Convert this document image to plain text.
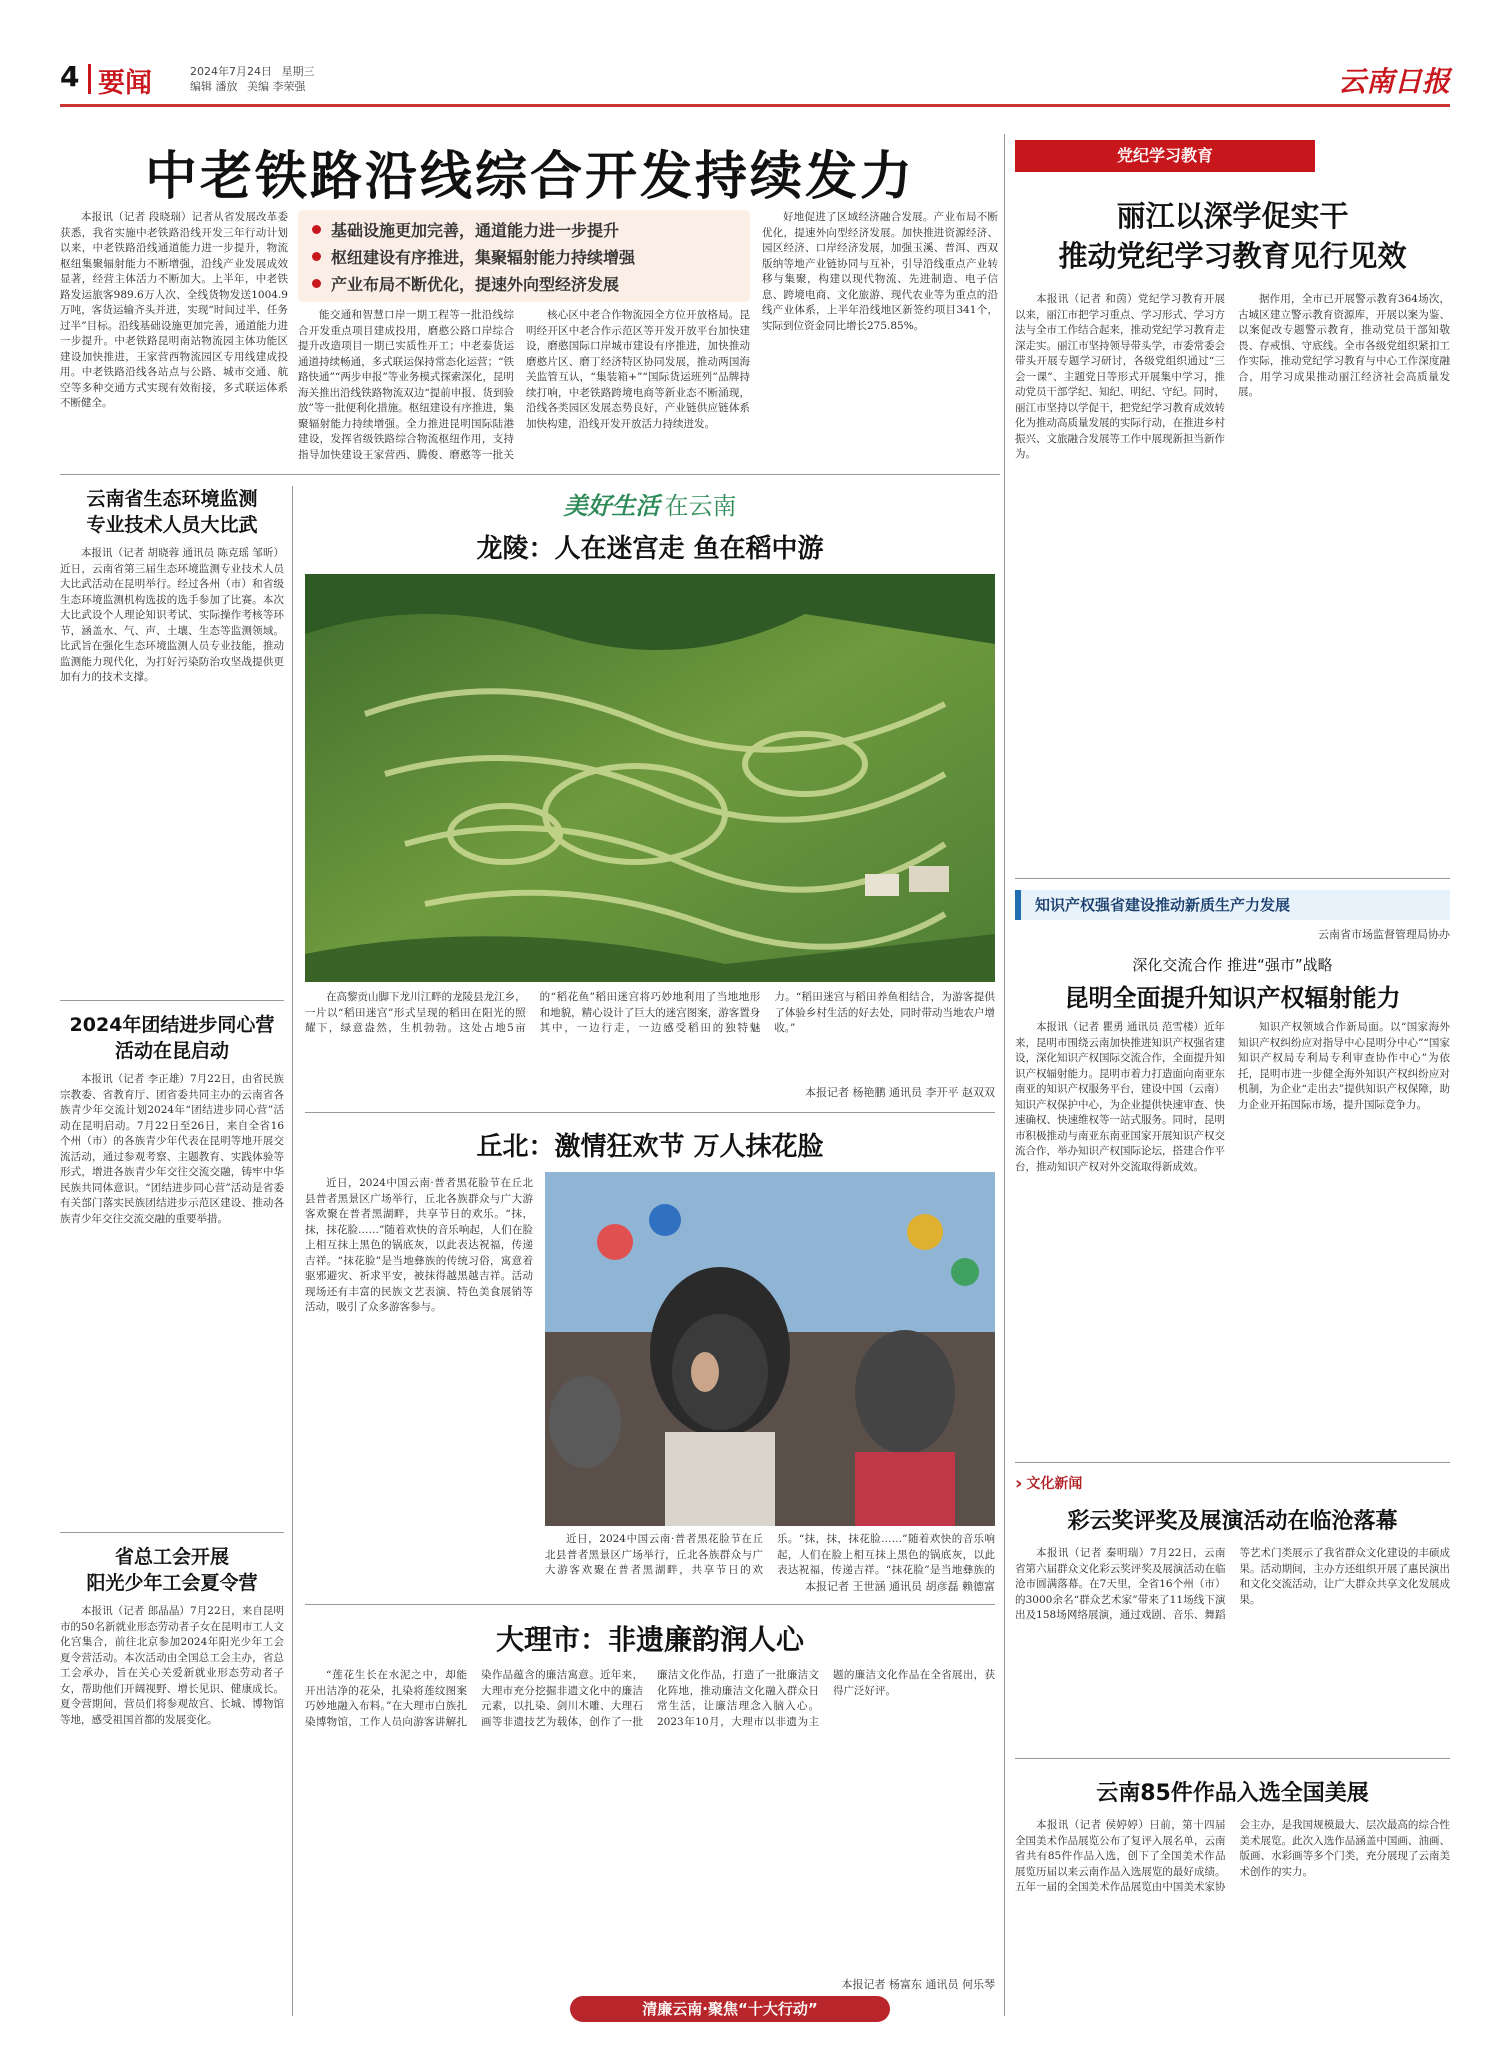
4 要闻	2024年7月24日 星期三
编辑 潘放 美编 李荣强	云南日报
中老铁路沿线综合开发持续发力

本报讯（记者 段晓瑞）记者从省发展改革委获悉，我省实施中老铁路沿线开发三年行动计划以来，中老铁路沿线通道能力进一步提升，物流枢纽集聚辐射能力不断增强，沿线产业发展成效显著，经营主体活力不断加大。上半年，中老铁路发运旅客989.6万人次、全线货物发送1004.9万吨，客货运输齐头并进，实现“时间过半、任务过半”目标。沿线基础设施更加完善，通道能力进一步提升。中老铁路昆明南站物流园主体功能区建设加快推进，王家营西物流园区专用线建成投用。中老铁路沿线各站点与公路、城市交通、航空等多种交通方式实现有效衔接，多式联运体系不断健全。

基础设施更加完善，通道能力进一步提升
枢纽建设有序推进，集聚辐射能力持续增强
产业布局不断优化，提速外向型经济发展

能交通和智慧口岸一期工程等一批沿线综合开发重点项目建成投用，磨憨公路口岸综合提升改造项目一期已实质性开工；中老泰货运通道持续畅通，多式联运保持常态化运营；“铁路快通”“两步申报”等业务模式探索深化，昆明海关推出沿线铁路物流双边“提前申报、货到验放”等一批便利化措施。枢纽建设有序推进，集聚辐射能力持续增强。全力推进昆明国际陆港建设，发挥省级铁路综合物流枢纽作用，支持指导加快建设王家营西、腾俊、磨憨等一批关

核心区中老合作物流园全方位开放格局。昆明经开区中老合作示范区等开发开放平台加快建设，磨憨国际口岸城市建设有序推进，加快推动磨憨片区、磨丁经济特区协同发展，推动两国海关监管互认，“集装箱+”“国际货运班列”品牌持续打响，中老铁路跨境电商等新业态不断涌现，沿线各类园区发展态势良好，产业链供应链体系加快构建，沿线开发开放活力持续迸发。

好地促进了区域经济融合发展。产业布局不断优化，提速外向型经济发展。加快推进资源经济、园区经济、口岸经济发展，加强玉溪、普洱、西双版纳等地产业链协同与互补，引导沿线重点产业转移与集聚，构建以现代物流、先进制造、电子信息、跨境电商、文化旅游、现代农业等为重点的沿线产业体系，上半年沿线地区新签约项目341个，实际到位资金同比增长275.85%。

云南省生态环境监测
专业技术人员大比武

本报讯（记者 胡晓蓉 通讯员 陈克瑶 邹昕）近日，云南省第三届生态环境监测专业技术人员大比武活动在昆明举行。经过各州（市）和省级生态环境监测机构选拔的选手参加了比赛。本次大比武设个人理论知识考试、实际操作考核等环节，涵盖水、气、声、土壤、生态等监测领域。比武旨在强化生态环境监测人员专业技能，推动监测能力现代化，为打好污染防治攻坚战提供更加有力的技术支撑。

2024年团结进步同心营
活动在昆启动

本报讯（记者 李正雄）7月22日，由省民族宗教委、省教育厅、团省委共同主办的云南省各族青少年交流计划2024年“团结进步同心营”活动在昆明启动。7月22日至26日，来自全省16个州（市）的各族青少年代表在昆明等地开展交流活动，通过参观考察、主题教育、实践体验等形式，增进各族青少年交往交流交融，铸牢中华民族共同体意识。“团结进步同心营”活动是省委有关部门落实民族团结进步示范区建设、推动各族青少年交往交流交融的重要举措。

省总工会开展
阳光少年工会夏令营

本报讯（记者 郎晶晶）7月22日，来自昆明市的50名新就业形态劳动者子女在昆明市工人文化宫集合，前往北京参加2024年阳光少年工会夏令营活动。本次活动由全国总工会主办，省总工会承办，旨在关心关爱新就业形态劳动者子女，帮助他们开阔视野、增长见识、健康成长。夏令营期间，营员们将参观故宫、长城、博物馆等地，感受祖国首都的发展变化。

美好生活 在云南
龙陵：人在迷宫走 鱼在稻中游

在高黎贡山脚下龙川江畔的龙陵县龙江乡，一片以“稻田迷宫”形式呈现的稻田在阳光的照耀下，绿意盎然，生机勃勃。这处占地5亩的“稻花鱼”稻田迷宫将巧妙地利用了当地地形和地貌，精心设计了巨大的迷宫图案，游客置身其中，一边行走，一边感受稻田的独特魅力。“稻田迷宫与稻田养鱼相结合，为游客提供了体验乡村生活的好去处，同时带动当地农户增收。”

本报记者 杨艳鹏 通讯员 李开平 赵双双
丘北：激情狂欢节 万人抹花脸

近日，2024中国云南·普者黑花脸节在丘北县普者黑景区广场举行，丘北各族群众与广大游客欢聚在普者黑湖畔，共享节日的欢乐。“抹，抹，抹花脸……”随着欢快的音乐响起，人们在脸上相互抹上黑色的锅底灰，以此表达祝福，传递吉祥。“抹花脸”是当地彝族的传统习俗，寓意着驱邪避灾、祈求平安，被抹得越黑越吉祥。活动现场还有丰富的民族文艺表演、特色美食展销等活动，吸引了众多游客参与。

近日，2024中国云南·普者黑花脸节在丘北县普者黑景区广场举行，丘北各族群众与广大游客欢聚在普者黑湖畔，共享节日的欢乐。“抹，抹，抹花脸……”随着欢快的音乐响起，人们在脸上相互抹上黑色的锅底灰，以此表达祝福，传递吉祥。“抹花脸”是当地彝族的

本报记者 王世涵 通讯员 胡彦磊 赖德富
大理市：非遗廉韵润人心

“莲花生长在水泥之中，却能开出洁净的花朵，扎染将莲纹图案巧妙地融入布料。”在大理市白族扎染博物馆，工作人员向游客讲解扎染作品蕴含的廉洁寓意。近年来，大理市充分挖掘非遗文化中的廉洁元素，以扎染、剑川木雕、大理石画等非遗技艺为载体，创作了一批廉洁文化作品，打造了一批廉洁文化阵地，推动廉洁文化融入群众日常生活，让廉洁理念入脑入心。2023年10月，大理市以非遗为主题的廉洁文化作品在全省展出，获得广泛好评。

本报记者 杨富东 通讯员 何乐琴
清廉云南·聚焦“十大行动”
党纪学习教育
丽江以深学促实干
推动党纪学习教育见行见效

本报讯（记者 和茵）党纪学习教育开展以来，丽江市把学习重点、学习形式、学习方法与全市工作结合起来，推动党纪学习教育走深走实。丽江市坚持领导带头学，市委常委会带头开展专题学习研讨，各级党组织通过“三会一课”、主题党日等形式开展集中学习，推动党员干部学纪、知纪、明纪、守纪。同时，丽江市坚持以学促干，把党纪学习教育成效转化为推动高质量发展的实际行动，在推进乡村振兴、文旅融合发展等工作中展现新担当新作为。

据作用，全市已开展警示教育364场次，古城区建立警示教育资源库，开展以案为鉴、以案促改专题警示教育，推动党员干部知敬畏、存戒惧、守底线。全市各级党组织紧扣工作实际，推动党纪学习教育与中心工作深度融合，用学习成果推动丽江经济社会高质量发展。

知识产权强省建设推动新质生产力发展
云南省市场监督管理局协办
深化交流合作 推进“强市”战略
昆明全面提升知识产权辐射能力

本报讯（记者 瞿勇 通讯员 范雪楼）近年来，昆明市围绕云南加快推进知识产权强省建设，深化知识产权国际交流合作，全面提升知识产权辐射能力。昆明市着力打造面向南亚东南亚的知识产权服务平台，建设中国（云南）知识产权保护中心，为企业提供快速审查、快速确权、快速维权等一站式服务。同时，昆明市积极推动与南亚东南亚国家开展知识产权交流合作，举办知识产权国际论坛，搭建合作平台，推动知识产权对外交流取得新成效。

知识产权领域合作新局面。以“国家海外知识产权纠纷应对指导中心昆明分中心”“国家知识产权局专利局专利审查协作中心”为依托，昆明市进一步健全海外知识产权纠纷应对机制，为企业“走出去”提供知识产权保障，助力企业开拓国际市场，提升国际竞争力。

› 文化新闻
彩云奖评奖及展演活动在临沧落幕

本报讯（记者 秦明瑞）7月22日，云南省第六届群众文化彩云奖评奖及展演活动在临沧市圆满落幕。在7天里，全省16个州（市）的3000余名“群众艺术家”带来了11场线下演出及158场网络展演，通过戏剧、音乐、舞蹈等艺术门类展示了我省群众文化建设的丰硕成果。活动期间，主办方还组织开展了惠民演出和文化交流活动，让广大群众共享文化发展成果。

云南85件作品入选全国美展

本报讯（记者 侯婷婷）日前，第十四届全国美术作品展览公布了复评入展名单，云南省共有85件作品入选，创下了全国美术作品展览历届以来云南作品入选展览的最好成绩。五年一届的全国美术作品展览由中国美术家协会主办，是我国规模最大、层次最高的综合性美术展览。此次入选作品涵盖中国画、油画、版画、水彩画等多个门类，充分展现了云南美术创作的实力。
